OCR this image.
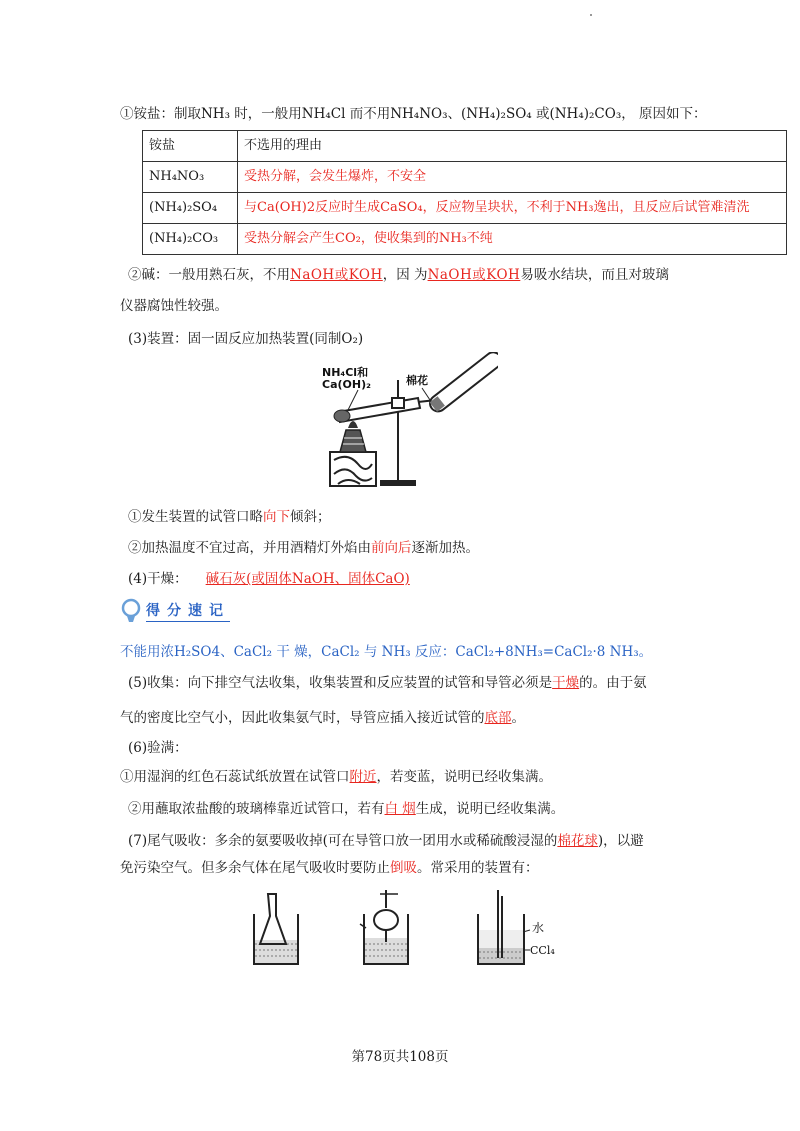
①铵盐：制取NH₃ 时，一般用NH₄Cl 而不用NH₄NO₃、(NH₄)₂SO₄ 或(NH₄)₂CO₃， 原因如下：
铵盐	不选用的理由
NH₄NO₃	受热分解，会发生爆炸，不安全
(NH₄)₂SO₄	与Ca(OH)2反应时生成CaSO₄，反应物呈块状，不利于NH₃逸出，且反应后试管难清洗
(NH₄)₂CO₃	受热分解会产生CO₂，使收集到的NH₃不纯
②碱：一般用熟石灰，不用NaOH或KOH，因 为NaOH或KOH易吸水结块，而且对玻璃
仪器腐蚀性较强。
(3)装置：固一固反应加热装置(同制O₂)
NH₄Cl和
Ca(OH)₂	棉花
①发生装置的试管口略向下倾斜；
②加热温度不宜过高，并用酒精灯外焰由前向后逐渐加热。
(4)干燥： 碱石灰(或固体NaOH、固体CaO)
得分速记
不能用浓H₂SO4、CaCl₂ 干 燥，CaCl₂ 与 NH₃ 反应：CaCl₂+8NH₃=CaCl₂·8 NH₃。
(5)收集：向下排空气法收集，收集装置和反应装置的试管和导管必须是干燥的。由于氨
气的密度比空气小，因此收集氨气时，导管应插入接近试管的底部。
(6)验满：
①用湿润的红色石蕊试纸放置在试管口附近，若变蓝，说明已经收集满。
②用蘸取浓盐酸的玻璃棒靠近试管口，若有白 烟生成，说明已经收集满。
(7)尾气吸收：多余的氨要吸收掉(可在导管口放一团用水或稀硫酸浸湿的棉花球)，以避
免污染空气。但多余气体在尾气吸收时要防止倒吸。常采用的装置有：
水
CCl₄
第78页共108页
